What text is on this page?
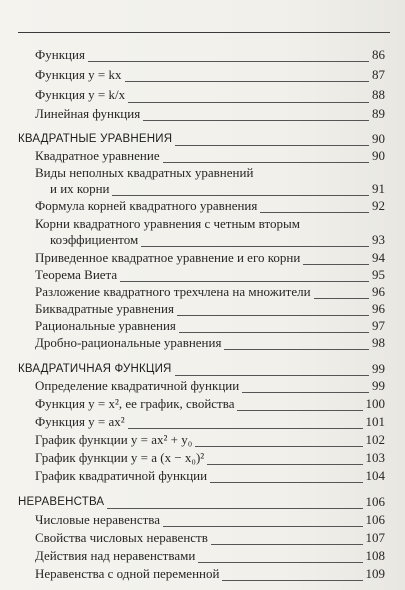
Функция	86
Функция y = kx	87
Функция y = k/x	88
Линейная функция	89
КВАДРАТНЫЕ УРАВНЕНИЯ	90
Квадратное уравнение	90
Виды неполных квадратных уравнений
и их корни	91
Формула корней квадратного уравнения	92
Корни квадратного уравнения с четным вторым
коэффициентом	93
Приведенное квадратное уравнение и его корни	94
Теорема Виета	95
Разложение квадратного трехчлена на множители	96
Биквадратные уравнения	96
Рациональные уравнения	97
Дробно-рациональные уравнения	98
КВАДРАТИЧНАЯ ФУНКЦИЯ	99
Определение квадратичной функции	99
Функция y = x², ее график, свойства	100
Функция y = ax²	101
График функции y = ax² + y₀	102
График функции y = a (x − x₀)²	103
График квадратичной функции	104
НЕРАВЕНСТВА	106
Числовые неравенства	106
Свойства числовых неравенств	107
Действия над неравенствами	108
Неравенства с одной переменной	109
